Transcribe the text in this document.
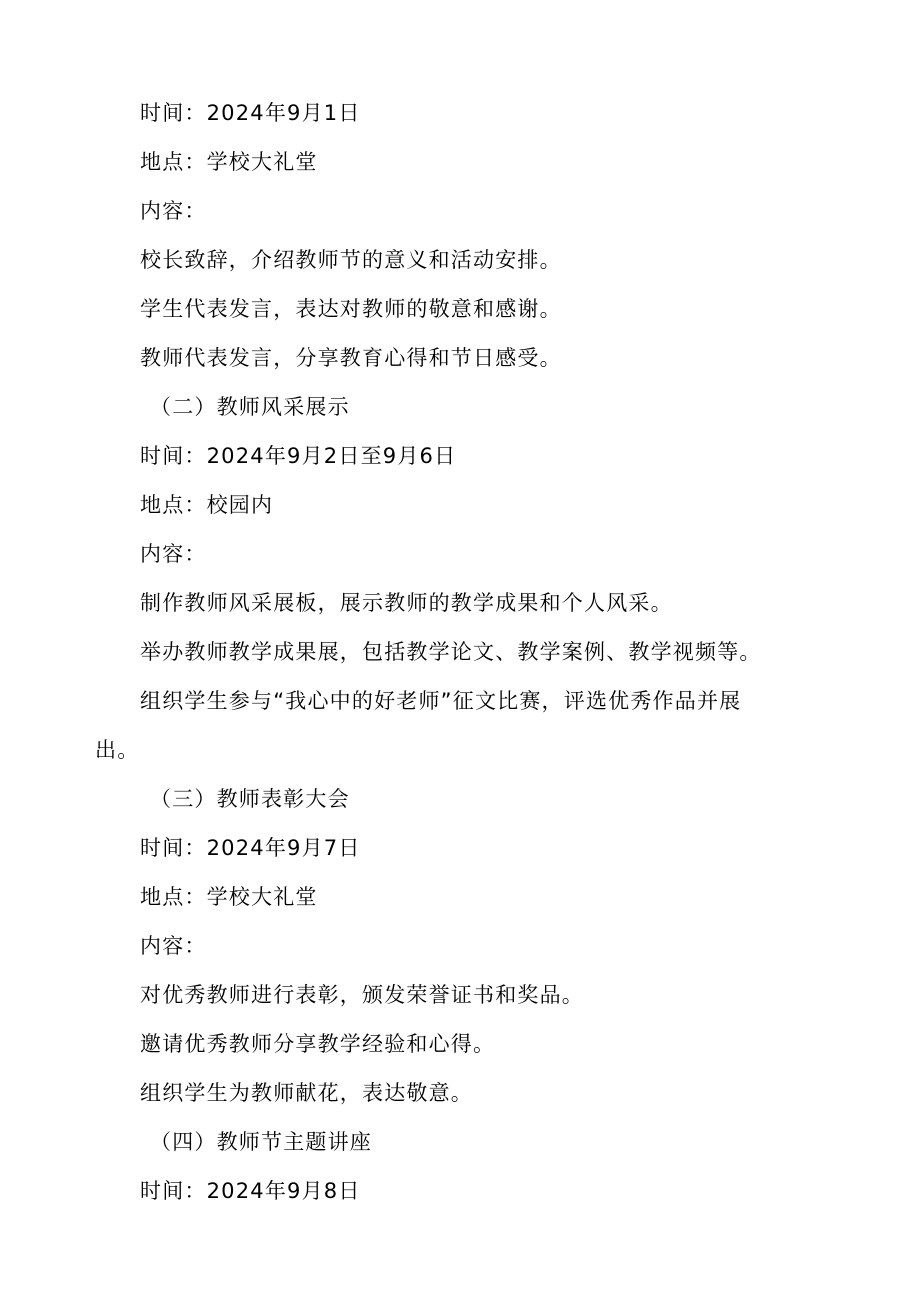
时间：2024年9月1日
地点：学校大礼堂
内容：
校长致辞，介绍教师节的意义和活动安排。
学生代表发言，表达对教师的敬意和感谢。
教师代表发言，分享教育心得和节日感受。
（二）教师风采展示
时间：2024年9月2日至9月6日
地点：校园内
内容：
制作教师风采展板，展示教师的教学成果和个人风采。
举办教师教学成果展，包括教学论文、教学案例、教学视频等。
组织学生参与“我心中的好老师”征文比赛，评选优秀作品并展
出。
（三）教师表彰大会
时间：2024年9月7日
地点：学校大礼堂
内容：
对优秀教师进行表彰，颁发荣誉证书和奖品。
邀请优秀教师分享教学经验和心得。
组织学生为教师献花，表达敬意。
（四）教师节主题讲座
时间：2024年9月8日
